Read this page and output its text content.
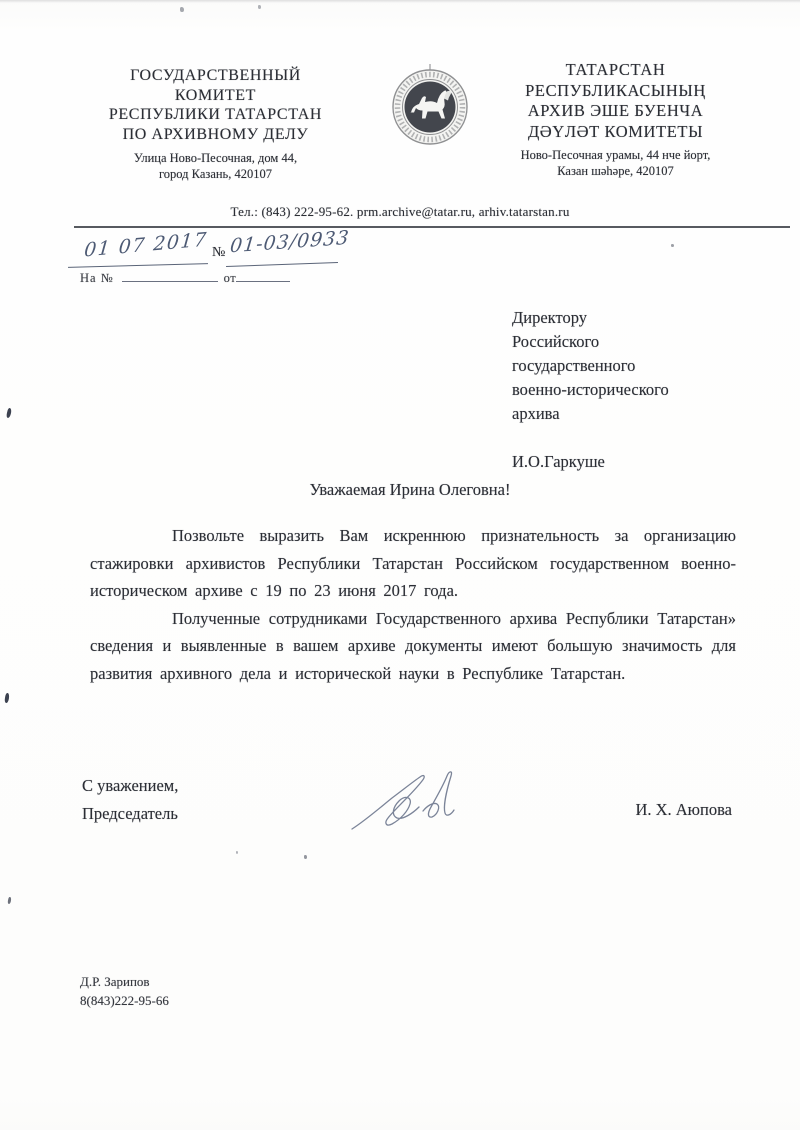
ГОСУДАРСТВЕННЫЙ
КОМИТЕТ
РЕСПУБЛИКИ ТАТАРСТАН
ПО АРХИВНОМУ ДЕЛУ
Улица Ново-Песочная, дом 44,
город Казань, 420107
ТАТАРСТАН
РЕСПУБЛИКАСЫНЫҢ
АРХИВ ЭШЕ БУЕНЧА
ДӘҮЛӘТ КОМИТЕТЫ
Ново-Песочная урамы, 44 нче йорт,
Казан шәһәре, 420107
Тел.: (843) 222-95-62. prm.archive@tatar.ru, arhiv.tatarstan.ru
01 07 2017 № 01-03/0933
На №	от
Директору
Российского
государственного
военно-исторического
архива
И.О.Гаркуше
Уважаемая Ирина Олеговна!

Позвольте выразить Вам искреннюю признательность за организацию стажировки архивистов Республики Татарстан Российском государственном военно-историческом архиве с 19 по 23 июня 2017 года.

Полученные сотрудниками Государственного архива Республики Татарстан» сведения и выявленные в вашем архиве документы имеют большую значимость для развития архивного дела и исторической науки в Республике Татарстан.

С уважением,
Председатель	И. Х. Аюпова
Д.Р. Зарипов
8(843)222-95-66
